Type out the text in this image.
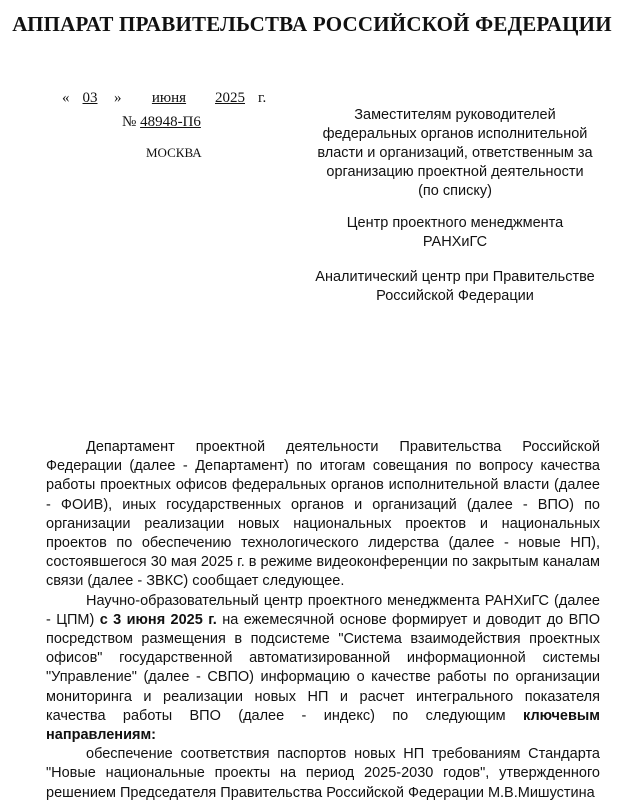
АППАРАТ ПРАВИТЕЛЬСТВА РОССИЙСКОЙ ФЕДЕРАЦИИ
« 03	»	июня	2025 г.
№ 48948-П6
МОСКВА
Заместителям руководителей
федеральных органов исполнительной
власти и организаций, ответственным за
организацию проектной деятельности
(по списку)
Центр проектного менеджмента
РАНХиГС
Аналитический центр при Правительстве
Российской Федерации

Департамент проектной деятельности Правительства Российской Федерации (далее - Департамент) по итогам совещания по вопросу качества работы проектных офисов федеральных органов исполнительной власти (далее - ФОИВ), иных государственных органов и организаций (далее - ВПО) по организации реализации новых национальных проектов и национальных проектов по обеспечению технологического лидерства (далее - новые НП), состоявшегося 30 мая 2025 г. в режиме видеоконференции по закрытым каналам связи (далее - ЗВКС) сообщает следующее.

Научно-образовательный центр проектного менеджмента РАНХиГС (далее - ЦПМ) с 3 июня 2025 г. на ежемесячной основе формирует и доводит до ВПО посредством размещения в подсистеме "Система взаимодействия проектных офисов" государственной автоматизированной информационной системы "Управление" (далее - СВПО) информацию о качестве работы по организации мониторинга и реализации новых НП и расчет интегрального показателя качества работы ВПО (далее - индекс) по следующим ключевым направлениям:

обеспечение соответствия паспортов новых НП требованиям Стандарта "Новые национальные проекты на период 2025-2030 годов", утвержденного решением Председателя Правительства Российской Федерации М.В.Мишустина
